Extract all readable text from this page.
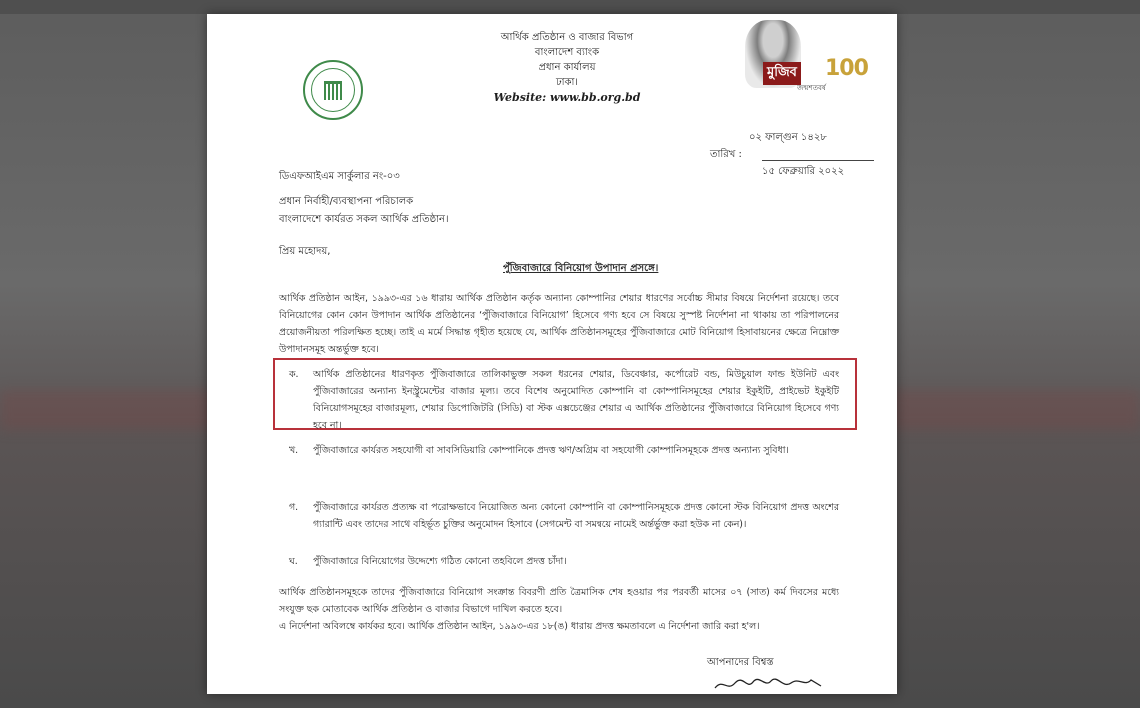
আর্থিক প্রতিষ্ঠান ও বাজার বিভাগ
বাংলাদেশ ব্যাংক
প্রধান কার্যালয়
ঢাকা।
Website: www.bb.org.bd
মুজিব 100
জন্মশতবর্ষ
০২ ফাল্গুন ১৪২৮
তারিখ :
১৫ ফেব্রুয়ারি ২০২২
ডিএফআইএম সার্কুলার নং-০৩
প্রধান নির্বাহী/ব্যবস্থাপনা পরিচালক
বাংলাদেশে কার্যরত সকল আর্থিক প্রতিষ্ঠান।
প্রিয় মহোদয়,
পুঁজিবাজারে বিনিয়োগ উপাদান প্রসঙ্গে।
আর্থিক প্রতিষ্ঠান আইন, ১৯৯৩-এর ১৬ ধারায় আর্থিক প্রতিষ্ঠান কর্তৃক অন্যান্য কোম্পানির শেয়ার ধারণের সর্বোচ্চ সীমার বিষয়ে নির্দেশনা রয়েছে। তবে বিনিয়োগের কোন কোন উপাদান আর্থিক প্রতিষ্ঠানের ‘পুঁজিবাজারে বিনিয়োগ’ হিসেবে গণ্য হবে সে বিষয়ে সুস্পষ্ট নির্দেশনা না থাকায় তা পরিপালনের প্রয়োজনীয়তা পরিলক্ষিত হচ্ছে। তাই এ মর্মে সিদ্ধান্ত গৃহীত হয়েছে যে, আর্থিক প্রতিষ্ঠানসমূহের পুঁজিবাজারে মোট বিনিয়োগ হিসাবায়নের ক্ষেত্রে নিম্নোক্ত উপাদানসমূহ অন্তর্ভুক্ত হবে।
ক. আর্থিক প্রতিষ্ঠানের ধারণকৃত পুঁজিবাজারে তালিকাভুক্ত সকল ধরনের শেয়ার, ডিবেঞ্চার, কর্পোরেট বন্ড, মিউচুয়াল ফান্ড ইউনিট এবং পুঁজিবাজারের অন্যান্য ইনস্ট্রুমেন্টের বাজার মূল্য। তবে বিশেষ অনুমোদিত কোম্পানি বা কোম্পানিসমূহের শেয়ার ইকুইটি, প্রাইভেট ইকুইটি বিনিয়োগসমূহের বাজারমূল্য, শেয়ার ডিপোজিটরি (সিডি) বা স্টক এক্সচেঞ্জের শেয়ার এ আর্থিক প্রতিষ্ঠানের পুঁজিবাজারে বিনিয়োগ হিসেবে গণ্য হবে না।
খ. পুঁজিবাজারে কার্যরত সহযোগী বা সাবসিডিয়ারি কোম্পানিকে প্রদত্ত ঋণ/অগ্রিম বা সহযোগী কোম্পানিসমূহকে প্রদত্ত অন্যান্য সুবিধা।
গ. পুঁজিবাজারে কার্যরত প্রত্যক্ষ বা পরোক্ষভাবে নিয়োজিত অন্য কোনো কোম্পানি বা কোম্পানিসমূহকে প্রদত্ত কোনো স্টক বিনিয়োগ প্রদত্ত অংশের গ্যারান্টি এবং তাদের সাথে বহির্ভূত চুক্তির অনুমোদন হিসাবে (সেগমেন্ট বা সমন্বয়ে নামেই অর্ন্তর্ভুক্ত করা হউক না কেন)।
ঘ. পুঁজিবাজারে বিনিয়োগের উদ্দেশ্যে গঠিত কোনো তহবিলে প্রদত্ত চাঁদা।
আর্থিক প্রতিষ্ঠানসমূহকে তাদের পুঁজিবাজারে বিনিয়োগ সংক্রান্ত বিবরণী প্রতি ত্রৈমাসিক শেষ হওয়ার পর পরবর্তী মাসের ০৭ (সাত) কর্ম দিবসের মধ্যে সংযুক্ত ছক মোতাবেক আর্থিক প্রতিষ্ঠান ও বাজার বিভাগে দাখিল করতে হবে।
এ নির্দেশনা অবিলম্বে কার্যকর হবে। আর্থিক প্রতিষ্ঠান আইন, ১৯৯৩-এর ১৮(ঙ) ধারায় প্রদত্ত ক্ষমতাবলে এ নির্দেশনা জারি করা হ'ল।
আপনাদের বিশ্বস্ত
